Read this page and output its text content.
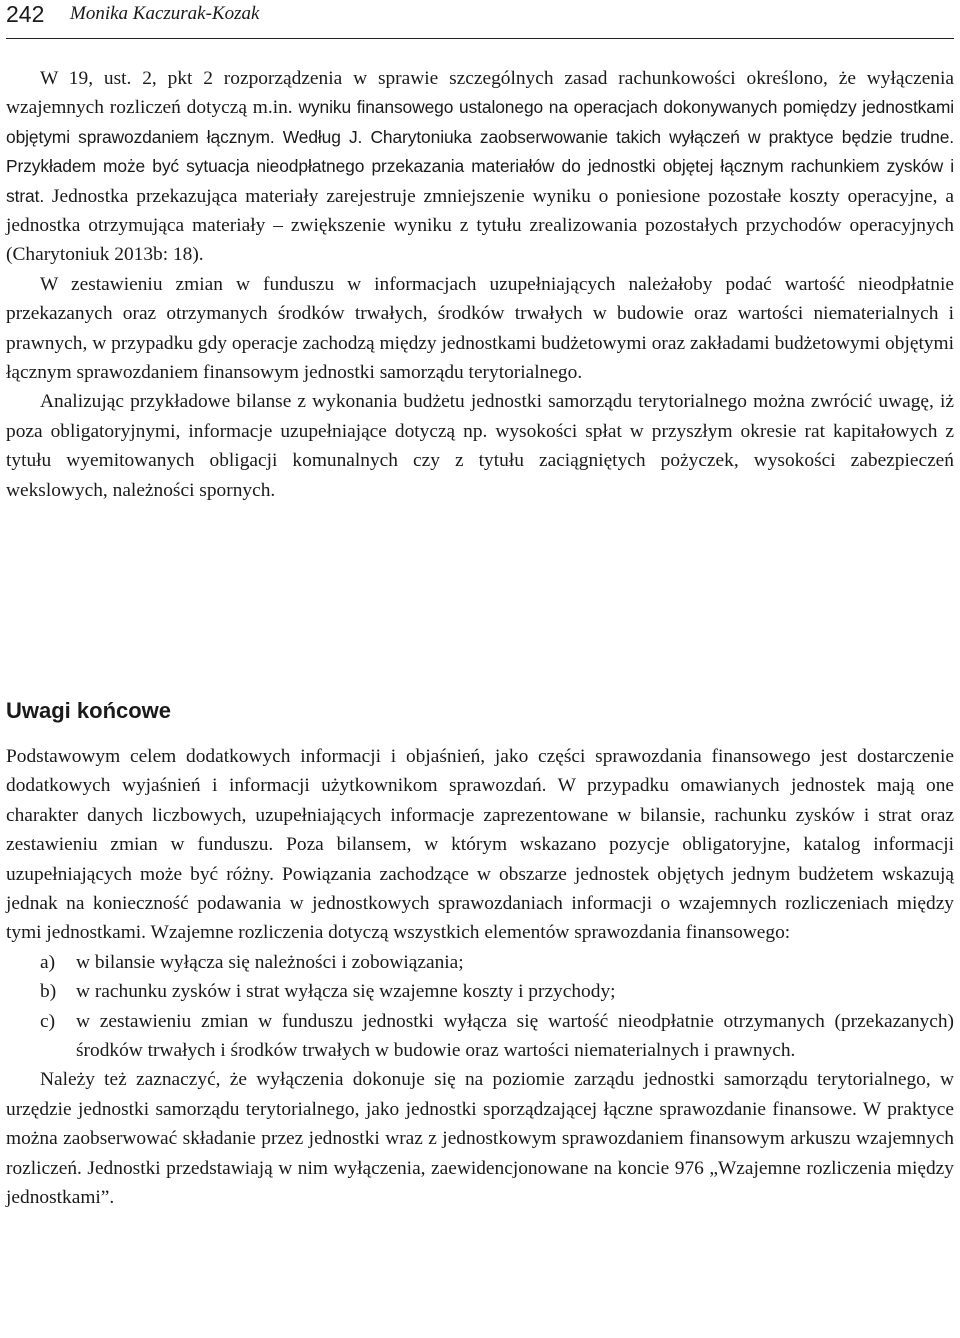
242 Monika Kaczurak-Kozak

W 19, ust. 2, pkt 2 rozporządzenia w sprawie szczególnych zasad rachunkowości określono, że wyłączenia wzajemnych rozliczeń dotyczą m.in. wyniku finansowego ustalonego na operacjach dokonywanych pomiędzy jednostkami objętymi sprawozdaniem łącznym. Według J. Charytoniuka zaobserwowanie takich wyłączeń w praktyce będzie trudne. Przykładem może być sytuacja nieodpłatnego przekazania materiałów do jednostki objętej łącznym rachunkiem zysków i strat. Jednostka przekazująca materiały zarejestruje zmniejszenie wyniku o poniesione pozostałe koszty operacyjne, a jednostka otrzymująca materiały – zwiększenie wyniku z tytułu zrealizowania pozostałych przychodów operacyjnych (Charytoniuk 2013b: 18).

W zestawieniu zmian w funduszu w informacjach uzupełniających należałoby podać wartość nieodpłatnie przekazanych oraz otrzymanych środków trwałych, środków trwałych w budowie oraz wartości niematerialnych i prawnych, w przypadku gdy operacje zachodzą między jednostkami budżetowymi oraz zakładami budżetowymi objętymi łącznym sprawozdaniem finansowym jednostki samorządu terytorialnego.

Analizując przykładowe bilanse z wykonania budżetu jednostki samorządu terytorialnego można zwrócić uwagę, iż poza obligatoryjnymi, informacje uzupełniające dotyczą np. wysokości spłat w przyszłym okresie rat kapitałowych z tytułu wyemitowanych obligacji komunalnych czy z tytułu zaciągniętych pożyczek, wysokości zabezpieczeń wekslowych, należności spornych.

Uwagi końcowe

Podstawowym celem dodatkowych informacji i objaśnień, jako części sprawozdania finansowego jest dostarczenie dodatkowych wyjaśnień i informacji użytkownikom sprawozdań. W przypadku omawianych jednostek mają one charakter danych liczbowych, uzupełniających informacje zaprezentowane w bilansie, rachunku zysków i strat oraz zestawieniu zmian w funduszu. Poza bilansem, w którym wskazano pozycje obligatoryjne, katalog informacji uzupełniających może być różny. Powiązania zachodzące w obszarze jednostek objętych jednym budżetem wskazują jednak na konieczność podawania w jednostkowych sprawozdaniach informacji o wzajemnych rozliczeniach między tymi jednostkami. Wzajemne rozliczenia dotyczą wszystkich elementów sprawozdania finansowego:

a) w bilansie wyłącza się należności i zobowiązania;
b) w rachunku zysków i strat wyłącza się wzajemne koszty i przychody;
c) w zestawieniu zmian w funduszu jednostki wyłącza się wartość nieodpłatnie otrzymanych (przekazanych) środków trwałych i środków trwałych w budowie oraz wartości niematerialnych i prawnych.

Należy też zaznaczyć, że wyłączenia dokonuje się na poziomie zarządu jednostki samorządu terytorialnego, w urzędzie jednostki samorządu terytorialnego, jako jednostki sporządzającej łączne sprawozdanie finansowe. W praktyce można zaobserwować składanie przez jednostki wraz z jednostkowym sprawozdaniem finansowym arkuszu wzajemnych rozliczeń. Jednostki przedstawiają w nim wyłączenia, zaewidencjonowane na koncie 976 „Wzajemne rozliczenia między jednostkami”.
